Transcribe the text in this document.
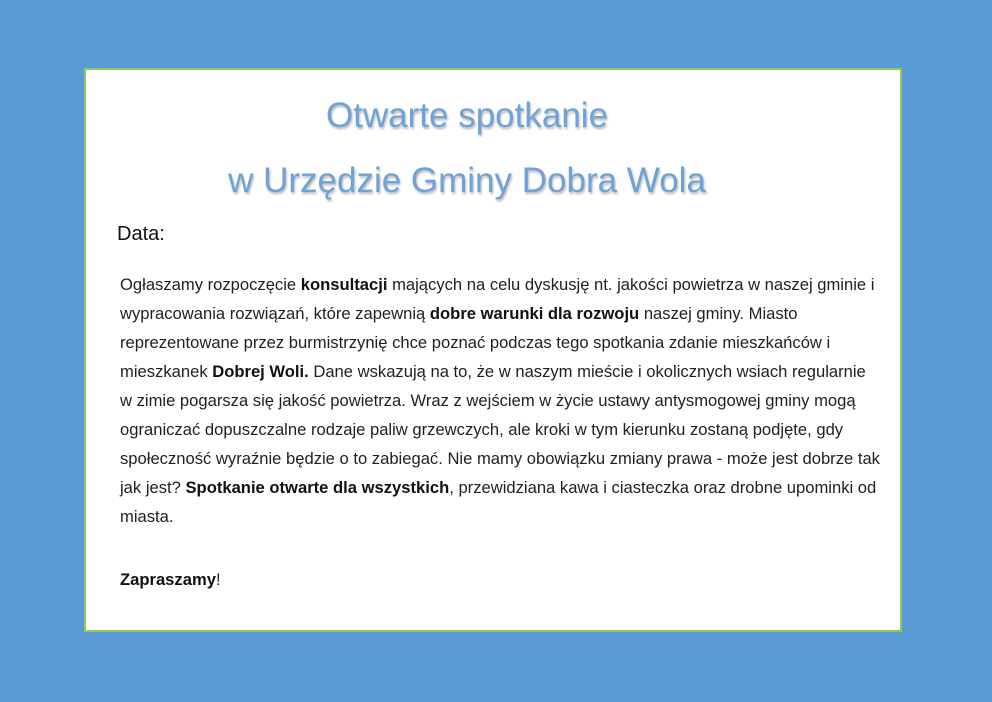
Otwarte spotkanie
w Urzędzie Gminy Dobra Wola

Data:

Ogłaszamy rozpoczęcie konsultacji mających na celu dyskusję nt. jakości powietrza w naszej gminie i wypracowania rozwiązań, które zapewnią dobre warunki dla rozwoju naszej gminy. Miasto reprezentowane przez burmistrzynię chce poznać podczas tego spotkania zdanie mieszkańców i mieszkanek Dobrej Woli. Dane wskazują na to, że w naszym mieście i okolicznych wsiach regularnie w zimie pogarsza się jakość powietrza. Wraz z wejściem w życie ustawy antysmogowej gminy mogą ograniczać dopuszczalne rodzaje paliw grzewczych, ale kroki w tym kierunku zostaną podjęte, gdy społeczność wyraźnie będzie o to zabiegać. Nie mamy obowiązku zmiany prawa - może jest dobrze tak jak jest? Spotkanie otwarte dla wszystkich, przewidziana kawa i ciasteczka oraz drobne upominki od miasta.

Zapraszamy!
